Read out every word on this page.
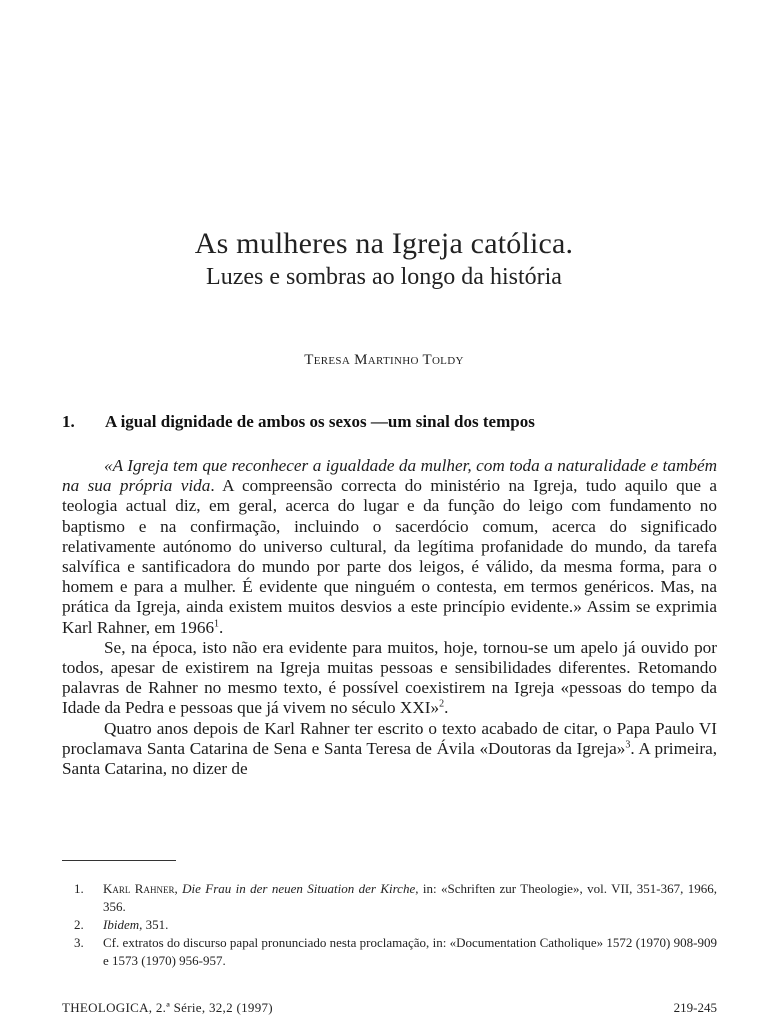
As mulheres na Igreja católica.
Luzes e sombras ao longo da história
Teresa Martinho Toldy
1. A igual dignidade de ambos os sexos —um sinal dos tempos

«A Igreja tem que reconhecer a igualdade da mulher, com toda a naturalidade e também na sua própria vida. A compreensão correcta do ministério na Igreja, tudo aquilo que a teologia actual diz, em geral, acerca do lugar e da função do leigo com fundamento no baptismo e na confirmação, incluindo o sacerdócio comum, acerca do significado relativamente autónomo do universo cultural, da legítima profanidade do mundo, da tarefa salvífica e santificadora do mundo por parte dos leigos, é válido, da mesma forma, para o homem e para a mulher. É evidente que ninguém o contesta, em termos genéricos. Mas, na prática da Igreja, ainda existem muitos desvios a este princípio evidente.» Assim se exprimia Karl Rahner, em 1966$^1$.

Se, na época, isto não era evidente para muitos, hoje, tornou-se um apelo já ouvido por todos, apesar de existirem na Igreja muitas pessoas e sensibilidades diferentes. Retomando palavras de Rahner no mesmo texto, é possível coexistirem na Igreja «pessoas do tempo da Idade da Pedra e pessoas que já vivem no século XXI»$^2$.

Quatro anos depois de Karl Rahner ter escrito o texto acabado de citar, o Papa Paulo VI proclamava Santa Catarina de Sena e Santa Teresa de Ávila «Doutoras da Igreja»$^3$. A primeira, Santa Catarina, no dizer de

1.	Karl Rahner, Die Frau in der neuen Situation der Kirche, in: «Schriften zur Theologie», vol. VII, 351-367, 1966, 356.
2.	Ibidem, 351.
3.	Cf. extratos do discurso papal pronunciado nesta proclamação, in: «Documentation Catholique» 1572 (1970) 908-909 e 1573 (1970) 956-957.
THEOLOGICA, 2.ª Série, 32,2 (1997)	219-245
